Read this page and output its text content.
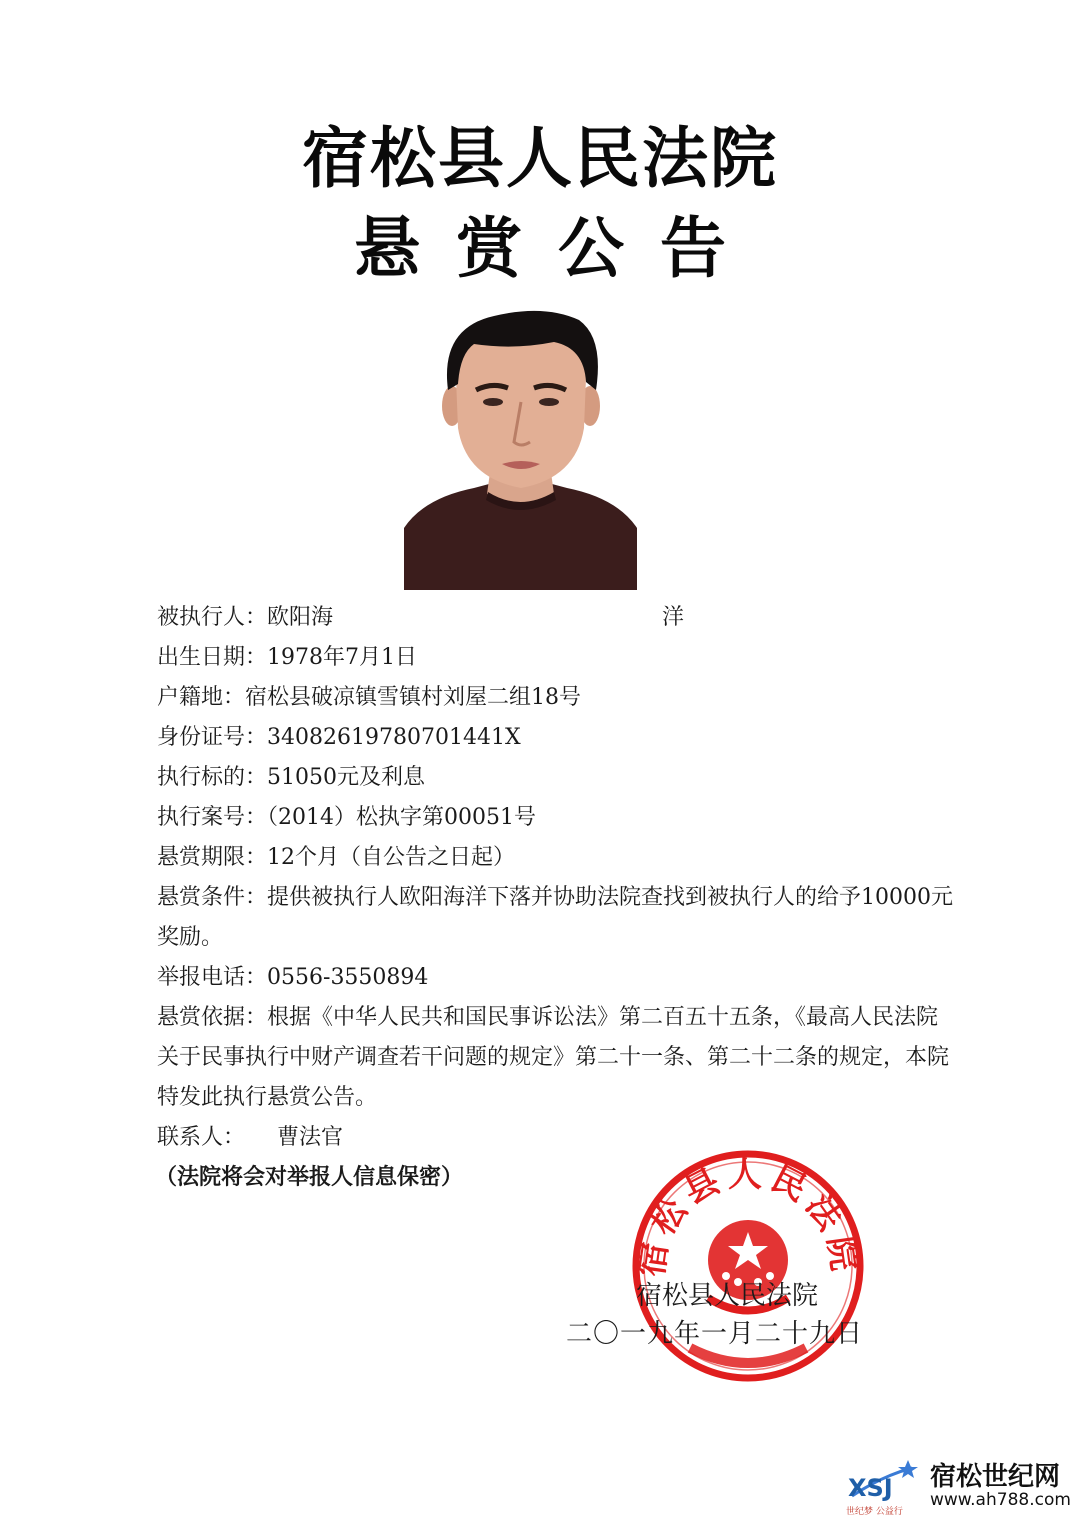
宿松县人民法院
悬赏公告
被执行人：欧阳海	洋
出生日期：1978年7月1日
户籍地：宿松县破凉镇雪镇村刘屋二组18号
身份证号：34082619780701441X
执行标的：51050元及利息
执行案号：（2014）松执字第00051号
悬赏期限：12个月（自公告之日起）
悬赏条件：提供被执行人欧阳海洋下落并协助法院查找到被执行人的给予10000元奖励。
举报电话：0556-3550894
悬赏依据：根据《中华人民共和国民事诉讼法》第二百五十五条，《最高人民法院关于民事执行中财产调查若干问题的规定》第二十一条、第二十二条的规定，本院特发此执行悬赏公告。
联系人： 曹法官
（法院将会对举报人信息保密）
宿松县人民法院
宿松县人民法院
二〇一九年一月二十九日
XSJ
世纪梦 公益行
宿松世纪网
www.ah788.com
